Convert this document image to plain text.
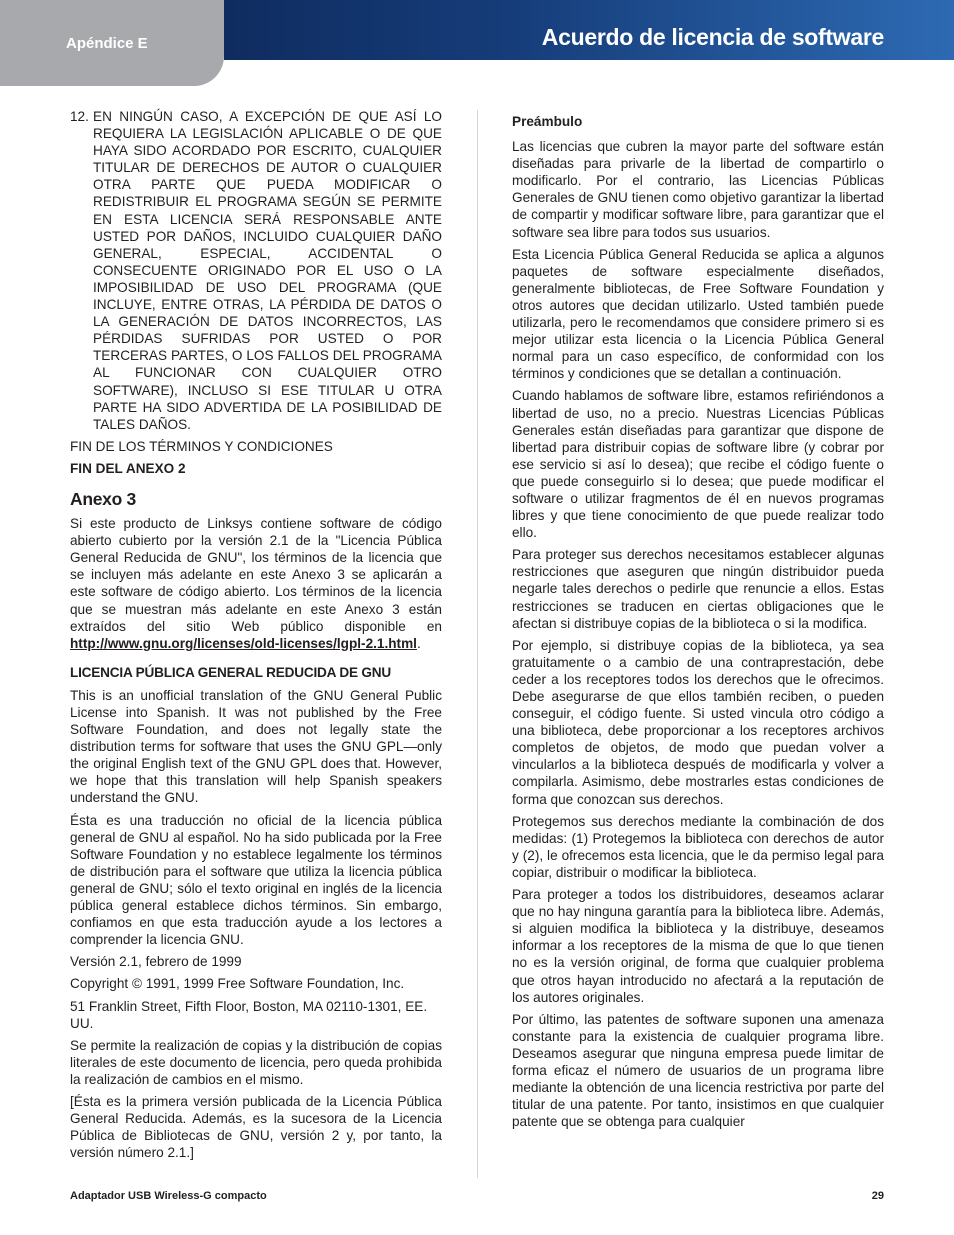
Apéndice E	Acuerdo de licencia de software
12. EN NINGÚN CASO, A EXCEPCIÓN DE QUE ASÍ LO REQUIERA LA LEGISLACIÓN APLICABLE O DE QUE HAYA SIDO ACORDADO POR ESCRITO, CUALQUIER TITULAR DE DERECHOS DE AUTOR O CUALQUIER OTRA PARTE QUE PUEDA MODIFICAR O REDISTRIBUIR EL PROGRAMA SEGÚN SE PERMITE EN ESTA LICENCIA SERÁ RESPONSABLE ANTE USTED POR DAÑOS, INCLUIDO CUALQUIER DAÑO GENERAL, ESPECIAL, ACCIDENTAL O CONSECUENTE ORIGINADO POR EL USO O LA IMPOSIBILIDAD DE USO DEL PROGRAMA (QUE INCLUYE, ENTRE OTRAS, LA PÉRDIDA DE DATOS O LA GENERACIÓN DE DATOS INCORRECTOS, LAS PÉRDIDAS SUFRIDAS POR USTED O POR TERCERAS PARTES, O LOS FALLOS DEL PROGRAMA AL FUNCIONAR CON CUALQUIER OTRO SOFTWARE), INCLUSO SI ESE TITULAR U OTRA PARTE HA SIDO ADVERTIDA DE LA POSIBILIDAD DE TALES DAÑOS.

FIN DE LOS TÉRMINOS Y CONDICIONES

FIN DEL ANEXO 2

Anexo 3

Si este producto de Linksys contiene software de código abierto cubierto por la versión 2.1 de la "Licencia Pública General Reducida de GNU", los términos de la licencia que se incluyen más adelante en este Anexo 3 se aplicarán a este software de código abierto. Los términos de la licencia que se muestran más adelante en este Anexo 3 están extraídos del sitio Web público disponible en http://www.gnu.org/licenses/old-licenses/lgpl-2.1.html.

LICENCIA PÚBLICA GENERAL REDUCIDA DE GNU

This is an unofficial translation of the GNU General Public License into Spanish. It was not published by the Free Software Foundation, and does not legally state the distribution terms for software that uses the GNU GPL—only the original English text of the GNU GPL does that. However, we hope that this translation will help Spanish speakers understand the GNU.

Ésta es una traducción no oficial de la licencia pública general de GNU al español. No ha sido publicada por la Free Software Foundation y no establece legalmente los términos de distribución para el software que utiliza la licencia pública general de GNU; sólo el texto original en inglés de la licencia pública general establece dichos términos. Sin embargo, confiamos en que esta traducción ayude a los lectores a comprender la licencia GNU.

Versión 2.1, febrero de 1999

Copyright © 1991, 1999 Free Software Foundation, Inc.

51 Franklin Street, Fifth Floor, Boston, MA 02110-1301, EE. UU.

Se permite la realización de copias y la distribución de copias literales de este documento de licencia, pero queda prohibida la realización de cambios en el mismo.

[Ésta es la primera versión publicada de la Licencia Pública General Reducida. Además, es la sucesora de la Licencia Pública de Bibliotecas de GNU, versión 2 y, por tanto, la versión número 2.1.]

Preámbulo

Las licencias que cubren la mayor parte del software están diseñadas para privarle de la libertad de compartirlo o modificarlo. Por el contrario, las Licencias Públicas Generales de GNU tienen como objetivo garantizar la libertad de compartir y modificar software libre, para garantizar que el software sea libre para todos sus usuarios.

Esta Licencia Pública General Reducida se aplica a algunos paquetes de software especialmente diseñados, generalmente bibliotecas, de Free Software Foundation y otros autores que decidan utilizarlo. Usted también puede utilizarla, pero le recomendamos que considere primero si es mejor utilizar esta licencia o la Licencia Pública General normal para un caso específico, de conformidad con los términos y condiciones que se detallan a continuación.

Cuando hablamos de software libre, estamos refiriéndonos a libertad de uso, no a precio. Nuestras Licencias Públicas Generales están diseñadas para garantizar que dispone de libertad para distribuir copias de software libre (y cobrar por ese servicio si así lo desea); que recibe el código fuente o que puede conseguirlo si lo desea; que puede modificar el software o utilizar fragmentos de él en nuevos programas libres y que tiene conocimiento de que puede realizar todo ello.

Para proteger sus derechos necesitamos establecer algunas restricciones que aseguren que ningún distribuidor pueda negarle tales derechos o pedirle que renuncie a ellos. Estas restricciones se traducen en ciertas obligaciones que le afectan si distribuye copias de la biblioteca o si la modifica.

Por ejemplo, si distribuye copias de la biblioteca, ya sea gratuitamente o a cambio de una contraprestación, debe ceder a los receptores todos los derechos que le ofrecimos. Debe asegurarse de que ellos también reciben, o pueden conseguir, el código fuente. Si usted vincula otro código a una biblioteca, debe proporcionar a los receptores archivos completos de objetos, de modo que puedan volver a vincularlos a la biblioteca después de modificarla y volver a compilarla. Asimismo, debe mostrarles estas condiciones de forma que conozcan sus derechos.

Protegemos sus derechos mediante la combinación de dos medidas: (1) Protegemos la biblioteca con derechos de autor y (2), le ofrecemos esta licencia, que le da permiso legal para copiar, distribuir o modificar la biblioteca.

Para proteger a todos los distribuidores, deseamos aclarar que no hay ninguna garantía para la biblioteca libre. Además, si alguien modifica la biblioteca y la distribuye, deseamos informar a los receptores de la misma de que lo que tienen no es la versión original, de forma que cualquier problema que otros hayan introducido no afectará a la reputación de los autores originales.

Por último, las patentes de software suponen una amenaza constante para la existencia de cualquier programa libre. Deseamos asegurar que ninguna empresa puede limitar de forma eficaz el número de usuarios de un programa libre mediante la obtención de una licencia restrictiva por parte del titular de una patente. Por tanto, insistimos en que cualquier patente que se obtenga para cualquier

Adaptador USB Wireless-G compacto	29
